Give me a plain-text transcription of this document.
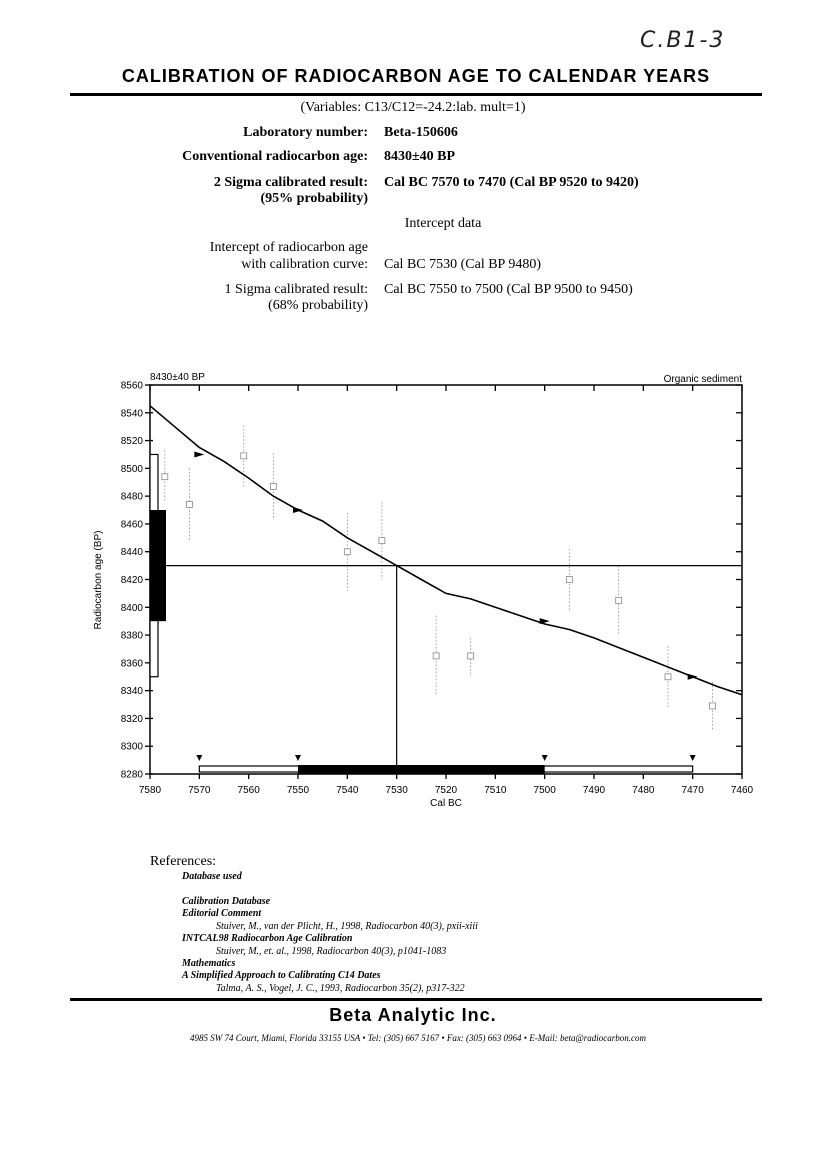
C.B1-3
CALIBRATION OF RADIOCARBON AGE TO CALENDAR YEARS
(Variables: C13/C12=-24.2:lab. mult=1)
Laboratory number: Beta-150606
Conventional radiocarbon age: 8430±40 BP
2 Sigma calibrated result: Cal BC 7570 to 7470 (Cal BP 9520 to 9420)
(95% probability)
Intercept data
Intercept of radiocarbon age
with calibration curve: Cal BC 7530 (Cal BP 9480)
1 Sigma calibrated result: Cal BC 7550 to 7500 (Cal BP 9500 to 9450)
(68% probability)
8280
8300
8320
8340
8360
8380
8400
8420
8440
8460
8480
8500
8520
8540
8560
7580	7570	7560	7550	7540	7530	7520	7510	7500	7490	7480	7470	7460
8430±40 BP	Organic sediment
Cal BC
Radiocarbon age (BP)
References:
Database used
Calibration Database
Editorial Comment
Stuiver, M., van der Plicht, H., 1998, Radiocarbon 40(3), pxii-xiii
INTCAL98 Radiocarbon Age Calibration
Stuiver, M., et. al., 1998, Radiocarbon 40(3), p1041-1083
Mathematics
A Simplified Approach to Calibrating C14 Dates
Talma, A. S., Vogel, J. C., 1993, Radiocarbon 35(2), p317-322
Beta Analytic Inc.
4985 SW 74 Court, Miami, Florida 33155 USA • Tel: (305) 667 5167 • Fax: (305) 663 0964 • E-Mail: beta@radiocarbon.com
